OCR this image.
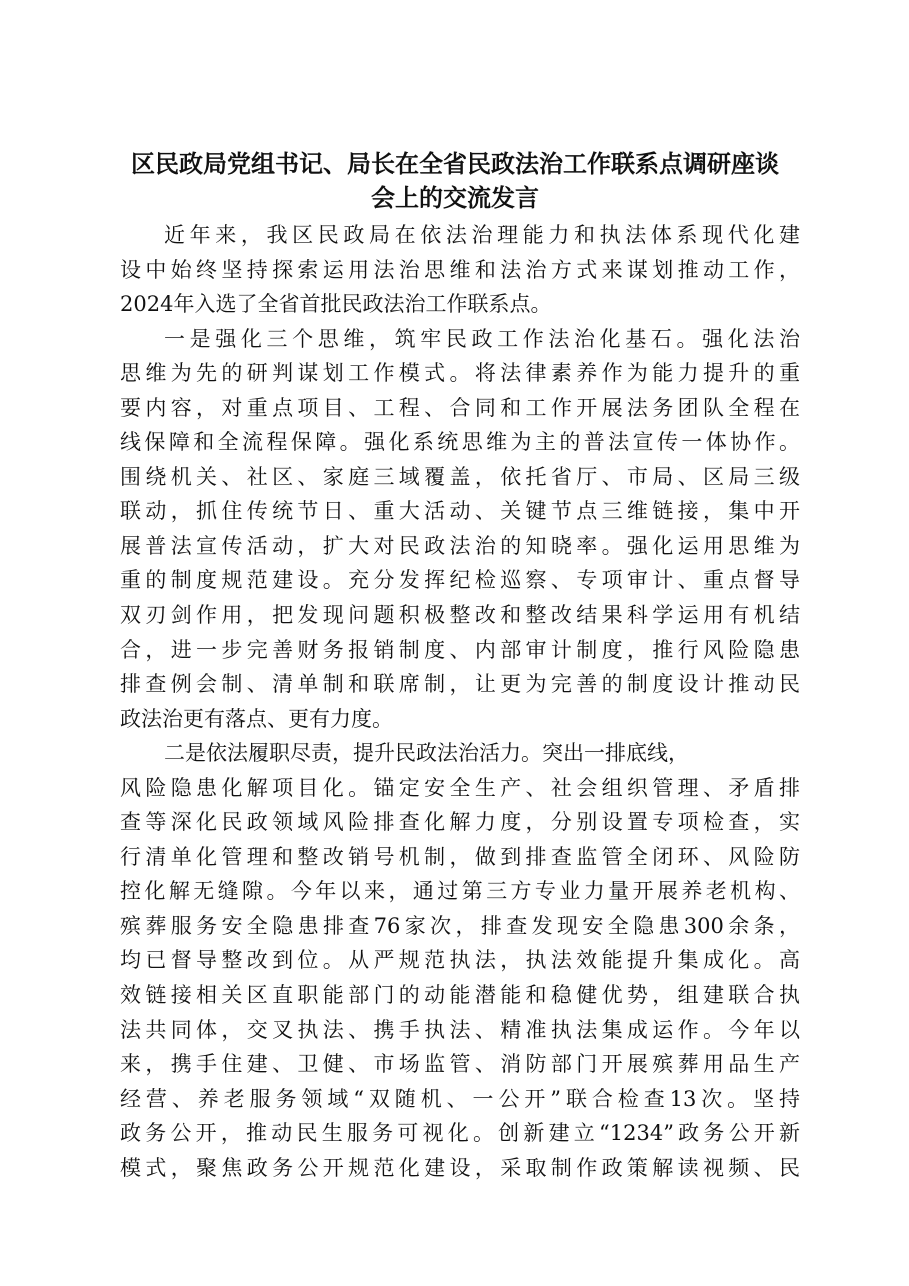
区民政局党组书记、局长在全省民政法治工作联系点调研座谈
会上的交流发言
近年来，我区民政局在依法治理能力和执法体系现代化建
设中始终坚持探索运用法治思维和法治方式来谋划推动工作，
2024年入选了全省首批民政法治工作联系点。
一是强化三个思维，筑牢民政工作法治化基石。强化法治
思维为先的研判谋划工作模式。将法律素养作为能力提升的重
要内容，对重点项目、工程、合同和工作开展法务团队全程在
线保障和全流程保障。强化系统思维为主的普法宣传一体协作。
围绕机关、社区、家庭三域覆盖，依托省厅、市局、区局三级
联动，抓住传统节日、重大活动、关键节点三维链接，集中开
展普法宣传活动，扩大对民政法治的知晓率。强化运用思维为
重的制度规范建设。充分发挥纪检巡察、专项审计、重点督导
双刃剑作用，把发现问题积极整改和整改结果科学运用有机结
合，进一步完善财务报销制度、内部审计制度，推行风险隐患
排查例会制、清单制和联席制，让更为完善的制度设计推动民
政法治更有落点、更有力度。
二是依法履职尽责，提升民政法治活力。突出一排底线，
风险隐患化解项目化。锚定安全生产、社会组织管理、矛盾排
查等深化民政领域风险排查化解力度，分别设置专项检查，实
行清单化管理和整改销号机制，做到排查监管全闭环、风险防
控化解无缝隙。今年以来，通过第三方专业力量开展养老机构、
殡葬服务安全隐患排查76家次，排查发现安全隐患300余条，
均已督导整改到位。从严规范执法，执法效能提升集成化。高
效链接相关区直职能部门的动能潜能和稳健优势，组建联合执
法共同体，交叉执法、携手执法、精准执法集成运作。今年以
来，携手住建、卫健、市场监管、消防部门开展殡葬用品生产
经营、养老服务领域“双随机、一公开”联合检查13次。坚持
政务公开，推动民生服务可视化。创新建立“1234”政务公开新
模式，聚焦政务公开规范化建设，采取制作政策解读视频、民
